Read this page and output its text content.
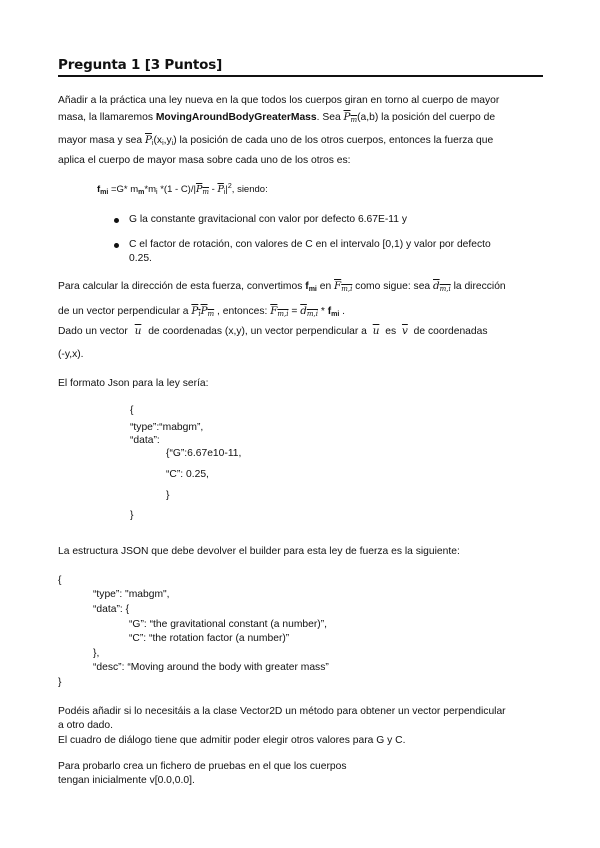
Pregunta 1 [3 Puntos]
Añadir a la práctica una ley nueva en la que todos los cuerpos giran en torno al cuerpo de mayor
masa, la llamaremos MovingAroundBodyGreaterMass. Sea $\overline{P}_{\overline{m}}(a,b)$ la posición del cuerpo de
mayor masa y sea $\overline{P}_i(x_i,y_i)$ la posición de cada uno de los otros cuerpos, entonces la fuerza que
aplica el cuerpo de mayor masa sobre cada uno de los otros es:
$f_{mi} =G*$ $m_m*m_i$ $*(1 - C)/|\overline{P}_{\overline{m}} - \overline{P}_i|^2$, siendo:
G la constante gravitacional con valor por defecto 6.67E-11 y
C el factor de rotación, con valores de C en el intervalo [0,1) y valor por defecto
0.25.
Para calcular la dirección de esta fuerza, convertimos $f_{mi}$ en $\overline{F}_{m,i}$ como sigue: sea $\overline{d}_{m,i}$ la dirección
de un vector perpendicular a $\overline{P}_{\overline{i}}\overline{P}_{\overline{m}}$ , entonces: $\overline{F}_{m,i} = \overline{d}_{m,i} * f_{mi}$ .
Dado un vector $\overline{u}$ de coordenadas (x,y), un vector perpendicular a $\overline{u}$ es $\overline{v}$ de coordenadas
(-y,x).
El formato Json para la ley sería:
{
“type”:“mabgm”,
“data”:
{“G”:6.67e10-11,
“C”: 0.25,
}
}
La estructura JSON que debe devolver el builder para esta ley de fuerza es la siguiente:
{
“type”: "mabgm",
“data”: {
“G”: “the gravitational constant (a number)”,
“C”: “the rotation factor (a number)”
},
“desc”: “Moving around the body with greater mass”
}
Podéis añadir si lo necesitáis a la clase Vector2D un método para obtener un vector perpendicular
a otro dado.
El cuadro de diálogo tiene que admitir poder elegir otros valores para G y C.
Para probarlo crea un fichero de pruebas en el que los cuerpos
tengan inicialmente v[0.0,0.0].
